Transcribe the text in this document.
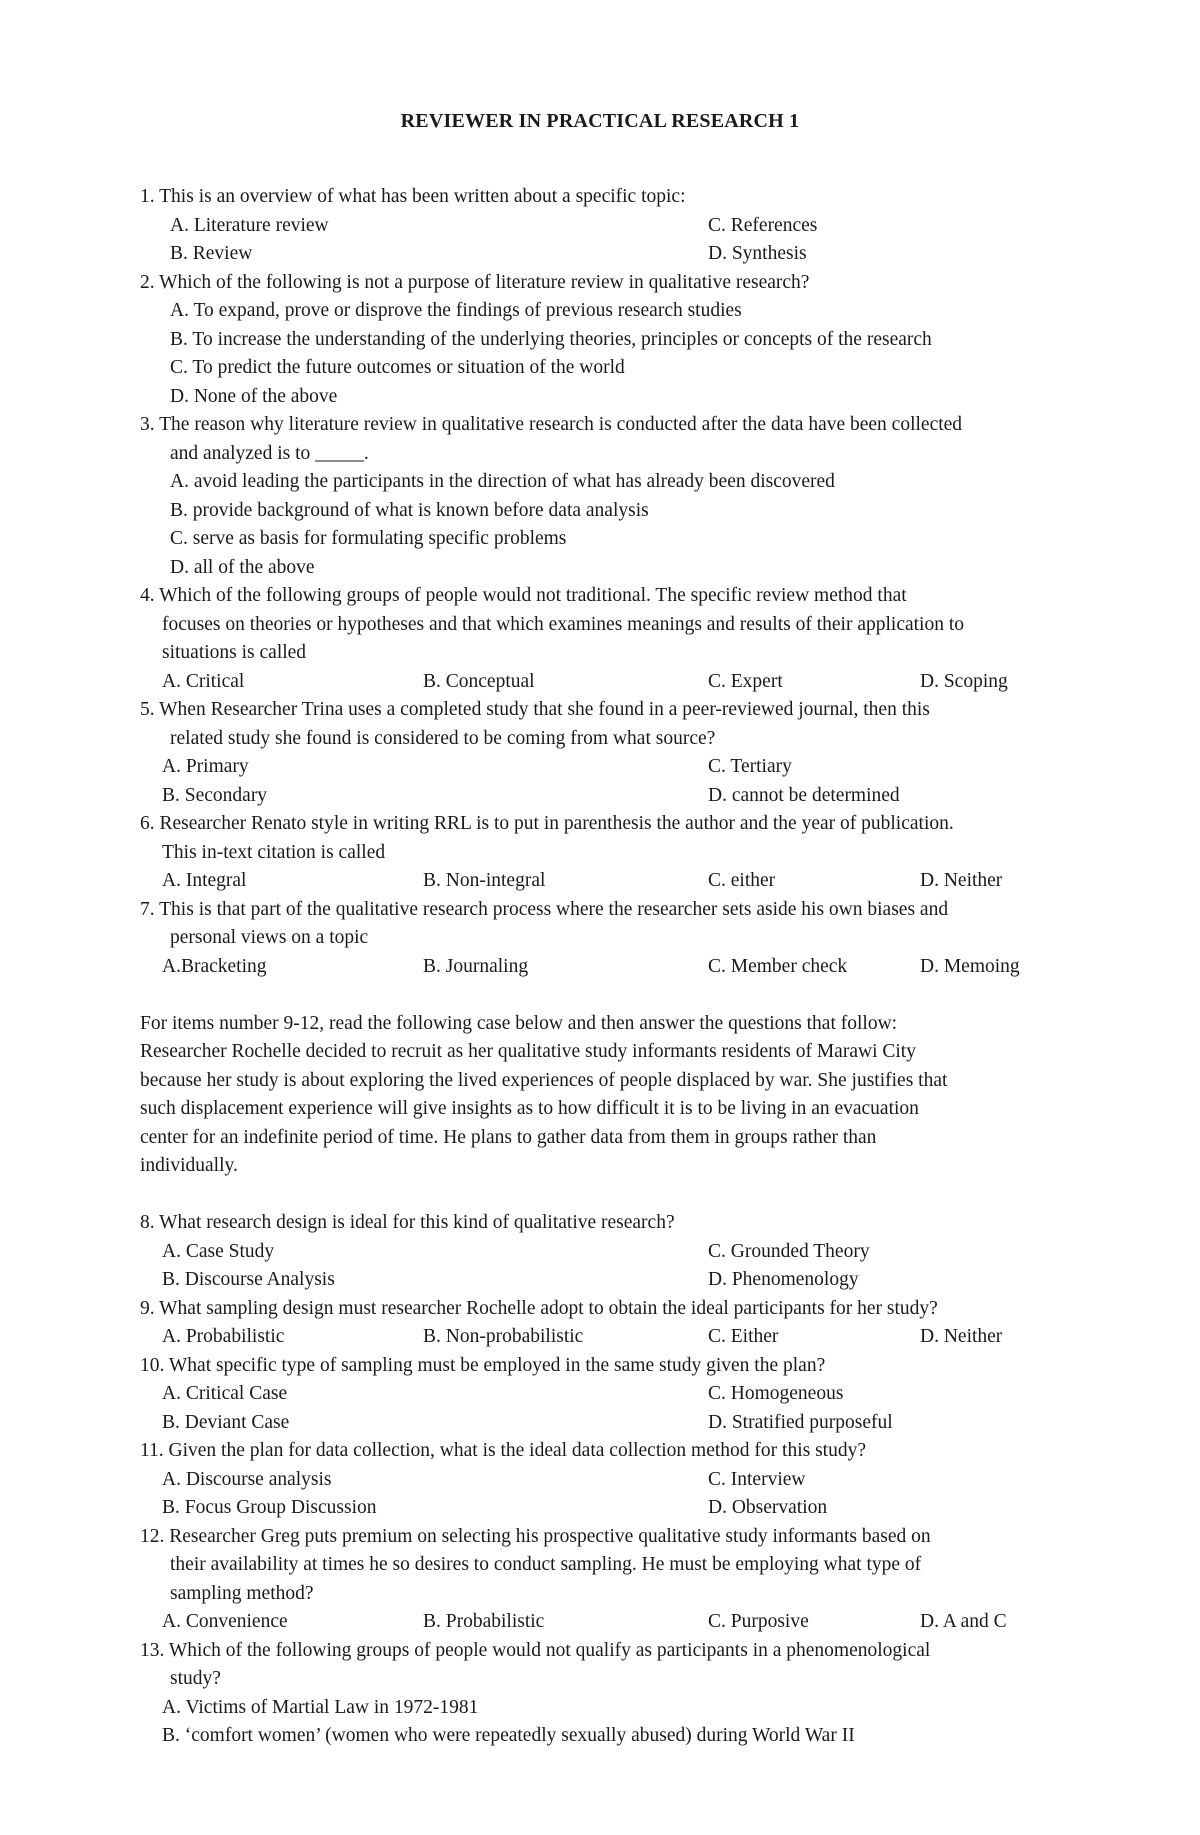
REVIEWER IN PRACTICAL RESEARCH 1
1. This is an overview of what has been written about a specific topic:
A. Literature review	C. References
B. Review	D. Synthesis
2. Which of the following is not a purpose of literature review in qualitative research?
A. To expand, prove or disprove the findings of previous research studies
B. To increase the understanding of the underlying theories, principles or concepts of the research
C. To predict the future outcomes or situation of the world
D. None of the above
3. The reason why literature review in qualitative research is conducted after the data have been collected
and analyzed is to _____.
A. avoid leading the participants in the direction of what has already been discovered
B. provide background of what is known before data analysis
C. serve as basis for formulating specific problems
D. all of the above
4. Which of the following groups of people would not traditional. The specific review method that
focuses on theories or hypotheses and that which examines meanings and results of their application to
situations is called
A. Critical	B. Conceptual	C. Expert	D. Scoping
5. When Researcher Trina uses a completed study that she found in a peer-reviewed journal, then this
related study she found is considered to be coming from what source?
A. Primary	C. Tertiary
B. Secondary	D. cannot be determined
6. Researcher Renato style in writing RRL is to put in parenthesis the author and the year of publication.
This in-text citation is called
A. Integral	B. Non-integral	C. either	D. Neither
7. This is that part of the qualitative research process where the researcher sets aside his own biases and
personal views on a topic
A.Bracketing	B. Journaling	C. Member check	D. Memoing
For items number 9-12, read the following case below and then answer the questions that follow:
Researcher Rochelle decided to recruit as her qualitative study informants residents of Marawi City
because her study is about exploring the lived experiences of people displaced by war. She justifies that
such displacement experience will give insights as to how difficult it is to be living in an evacuation
center for an indefinite period of time. He plans to gather data from them in groups rather than
individually.
8. What research design is ideal for this kind of qualitative research?
A. Case Study	C. Grounded Theory
B. Discourse Analysis	D. Phenomenology
9. What sampling design must researcher Rochelle adopt to obtain the ideal participants for her study?
A. Probabilistic	B. Non-probabilistic	C. Either	D. Neither
10. What specific type of sampling must be employed in the same study given the plan?
A. Critical Case	C. Homogeneous
B. Deviant Case	D. Stratified purposeful
11. Given the plan for data collection, what is the ideal data collection method for this study?
A. Discourse analysis	C. Interview
B. Focus Group Discussion	D. Observation
12. Researcher Greg puts premium on selecting his prospective qualitative study informants based on
their availability at times he so desires to conduct sampling. He must be employing what type of
sampling method?
A. Convenience	B. Probabilistic	C. Purposive	D. A and C
13. Which of the following groups of people would not qualify as participants in a phenomenological
study?
A. Victims of Martial Law in 1972-1981
B. ‘comfort women’ (women who were repeatedly sexually abused) during World War II
